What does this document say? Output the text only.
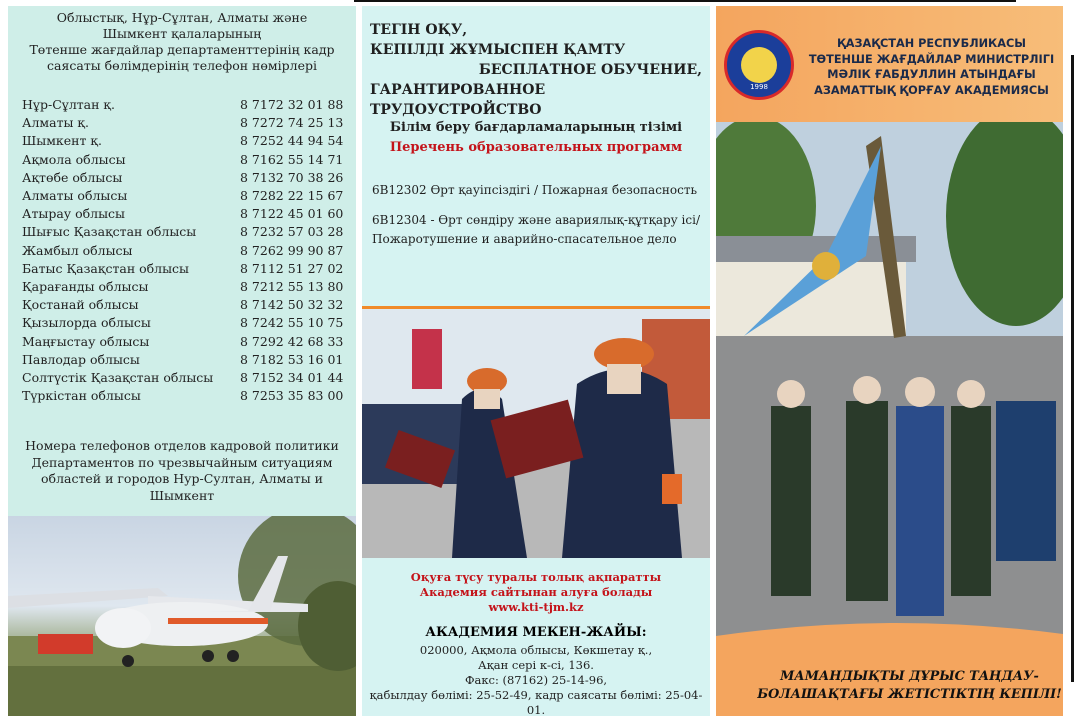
Облыстық, Нұр-Сұлтан, Алматы және
Шымкент қалаларының
Төтенше жағдайлар департаменттерінің кадр
саясаты бөлімдерінің телефон нөмірлері
Нұр-Сұлтан қ.	8 7172 32 01 88
Алматы қ.	8 7272 74 25 13
Шымкент қ.	8 7252 44 94 54
Ақмола облысы	8 7162 55 14 71
Ақтөбе облысы	8 7132 70 38 26
Алматы облысы	8 7282 22 15 67
Атырау облысы	8 7122 45 01 60
Шығыс Қазақстан облысы	8 7232 57 03 28
Жамбыл облысы	8 7262 99 90 87
Батыс Қазақстан облысы	8 7112 51 27 02
Қарағанды облысы	8 7212 55 13 80
Қостанай облысы	8 7142 50 32 32
Қызылорда облысы	8 7242 55 10 75
Маңғыстау облысы	8 7292 42 68 33
Павлодар облысы	8 7182 53 16 01
Солтүстік Қазақстан облысы	8 7152 34 01 44
Түркістан облысы	8 7253 35 83 00
Номера телефонов отделов кадровой политики
Департаментов по чрезвычайным ситуациям
областей и городов Нур-Султан, Алматы и
Шымкент
ТЕГІН ОҚУ,
КЕПІЛДІ ЖҰМЫСПЕН ҚАМТУ
БЕСПЛАТНОЕ ОБУЧЕНИЕ,
ГАРАНТИРОВАННОЕ ТРУДОУСТРОЙСТВО
Білім беру бағдарламаларының тізімі
Перечень образовательных программ
6В12302 Өрт қауіпсіздігі / Пожарная безопасность
6В12304 - Өрт сөндіру және авариялық-құтқару ісі/
Пожаротушение и аварийно-спасательное дело
Оқуға түсу туралы толық ақпаратты
Академия сайтынан алуға болады
www.kti-tjm.kz
АКАДЕМИЯ МЕКЕН-ЖАЙЫ:
020000, Ақмола облысы, Көкшетау қ.,
Ақан сері к-сі, 136.
Факс: (87162) 25-14-96,
қабылдау бөлімі: 25-52-49, кадр саясаты бөлімі: 25-04-01.
1998
ҚАЗАҚСТАН РЕСПУБЛИКАСЫ
ТӨТЕНШЕ ЖАҒДАЙЛАР МИНИСТРЛІГІ
МӘЛІК ҒАБДУЛЛИН АТЫНДАҒЫ
АЗАМАТТЫҚ ҚОРҒАУ АКАДЕМИЯСЫ
МАМАНДЫҚТЫ ДҰРЫС ТАҢДАУ-
БОЛАШАҚТАҒЫ ЖЕТІСТІКТІҢ КЕПІЛІ!
